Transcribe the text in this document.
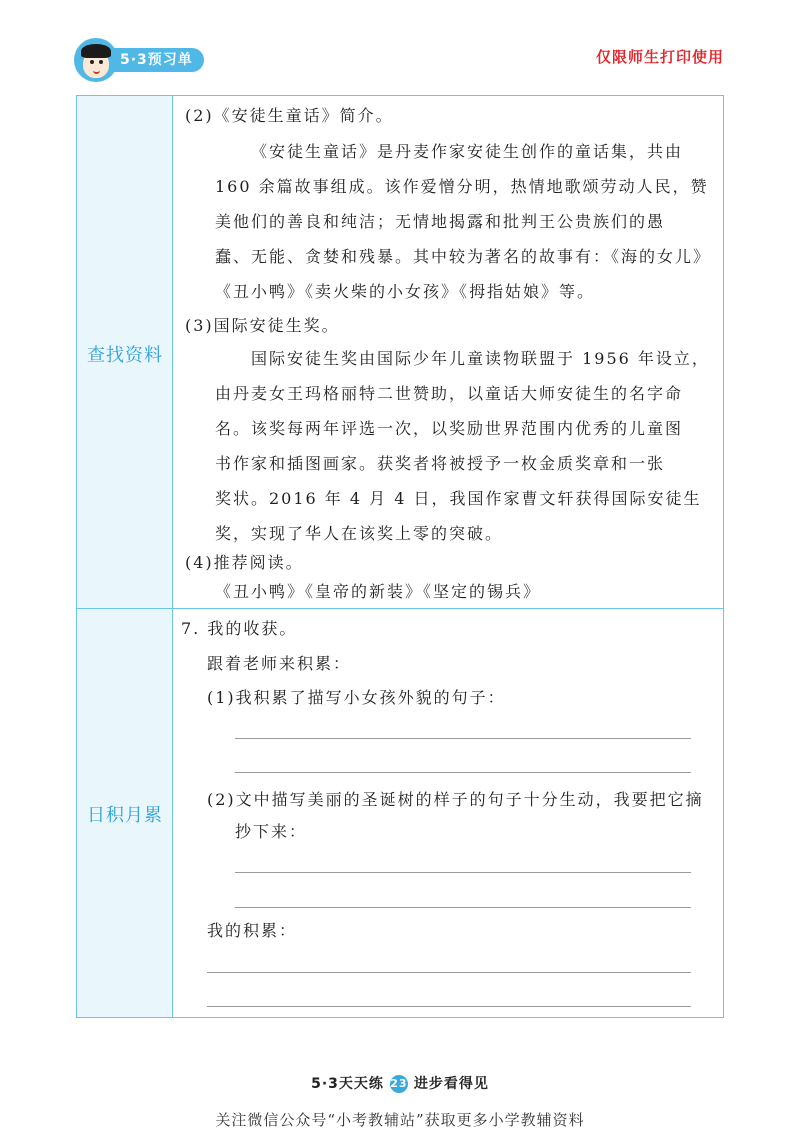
5·3预习单	仅限师生打印使用
查找资料
日积月累
(2)《安徒生童话》简介。
《安徒生童话》是丹麦作家安徒生创作的童话集，共由
160 余篇故事组成。该作爱憎分明，热情地歌颂劳动人民，赞
美他们的善良和纯洁；无情地揭露和批判王公贵族们的愚
蠢、无能、贪婪和残暴。其中较为著名的故事有：《海的女儿》
《丑小鸭》《卖火柴的小女孩》《拇指姑娘》等。
(3)国际安徒生奖。
国际安徒生奖由国际少年儿童读物联盟于 1956 年设立，
由丹麦女王玛格丽特二世赞助，以童话大师安徒生的名字命
名。该奖每两年评选一次，以奖励世界范围内优秀的儿童图
书作家和插图画家。获奖者将被授予一枚金质奖章和一张
奖状。2016 年 4 月 4 日，我国作家曹文轩获得国际安徒生
奖，实现了华人在该奖上零的突破。
(4)推荐阅读。
《丑小鸭》《皇帝的新装》《坚定的锡兵》
7. 我的收获。
跟着老师来积累：
(1)我积累了描写小女孩外貌的句子：
(2)文中描写美丽的圣诞树的样子的句子十分生动，我要把它摘
抄下来：
我的积累：
5·3天天练 23 进步看得见
关注微信公众号“小考教辅站”获取更多小学教辅资料
